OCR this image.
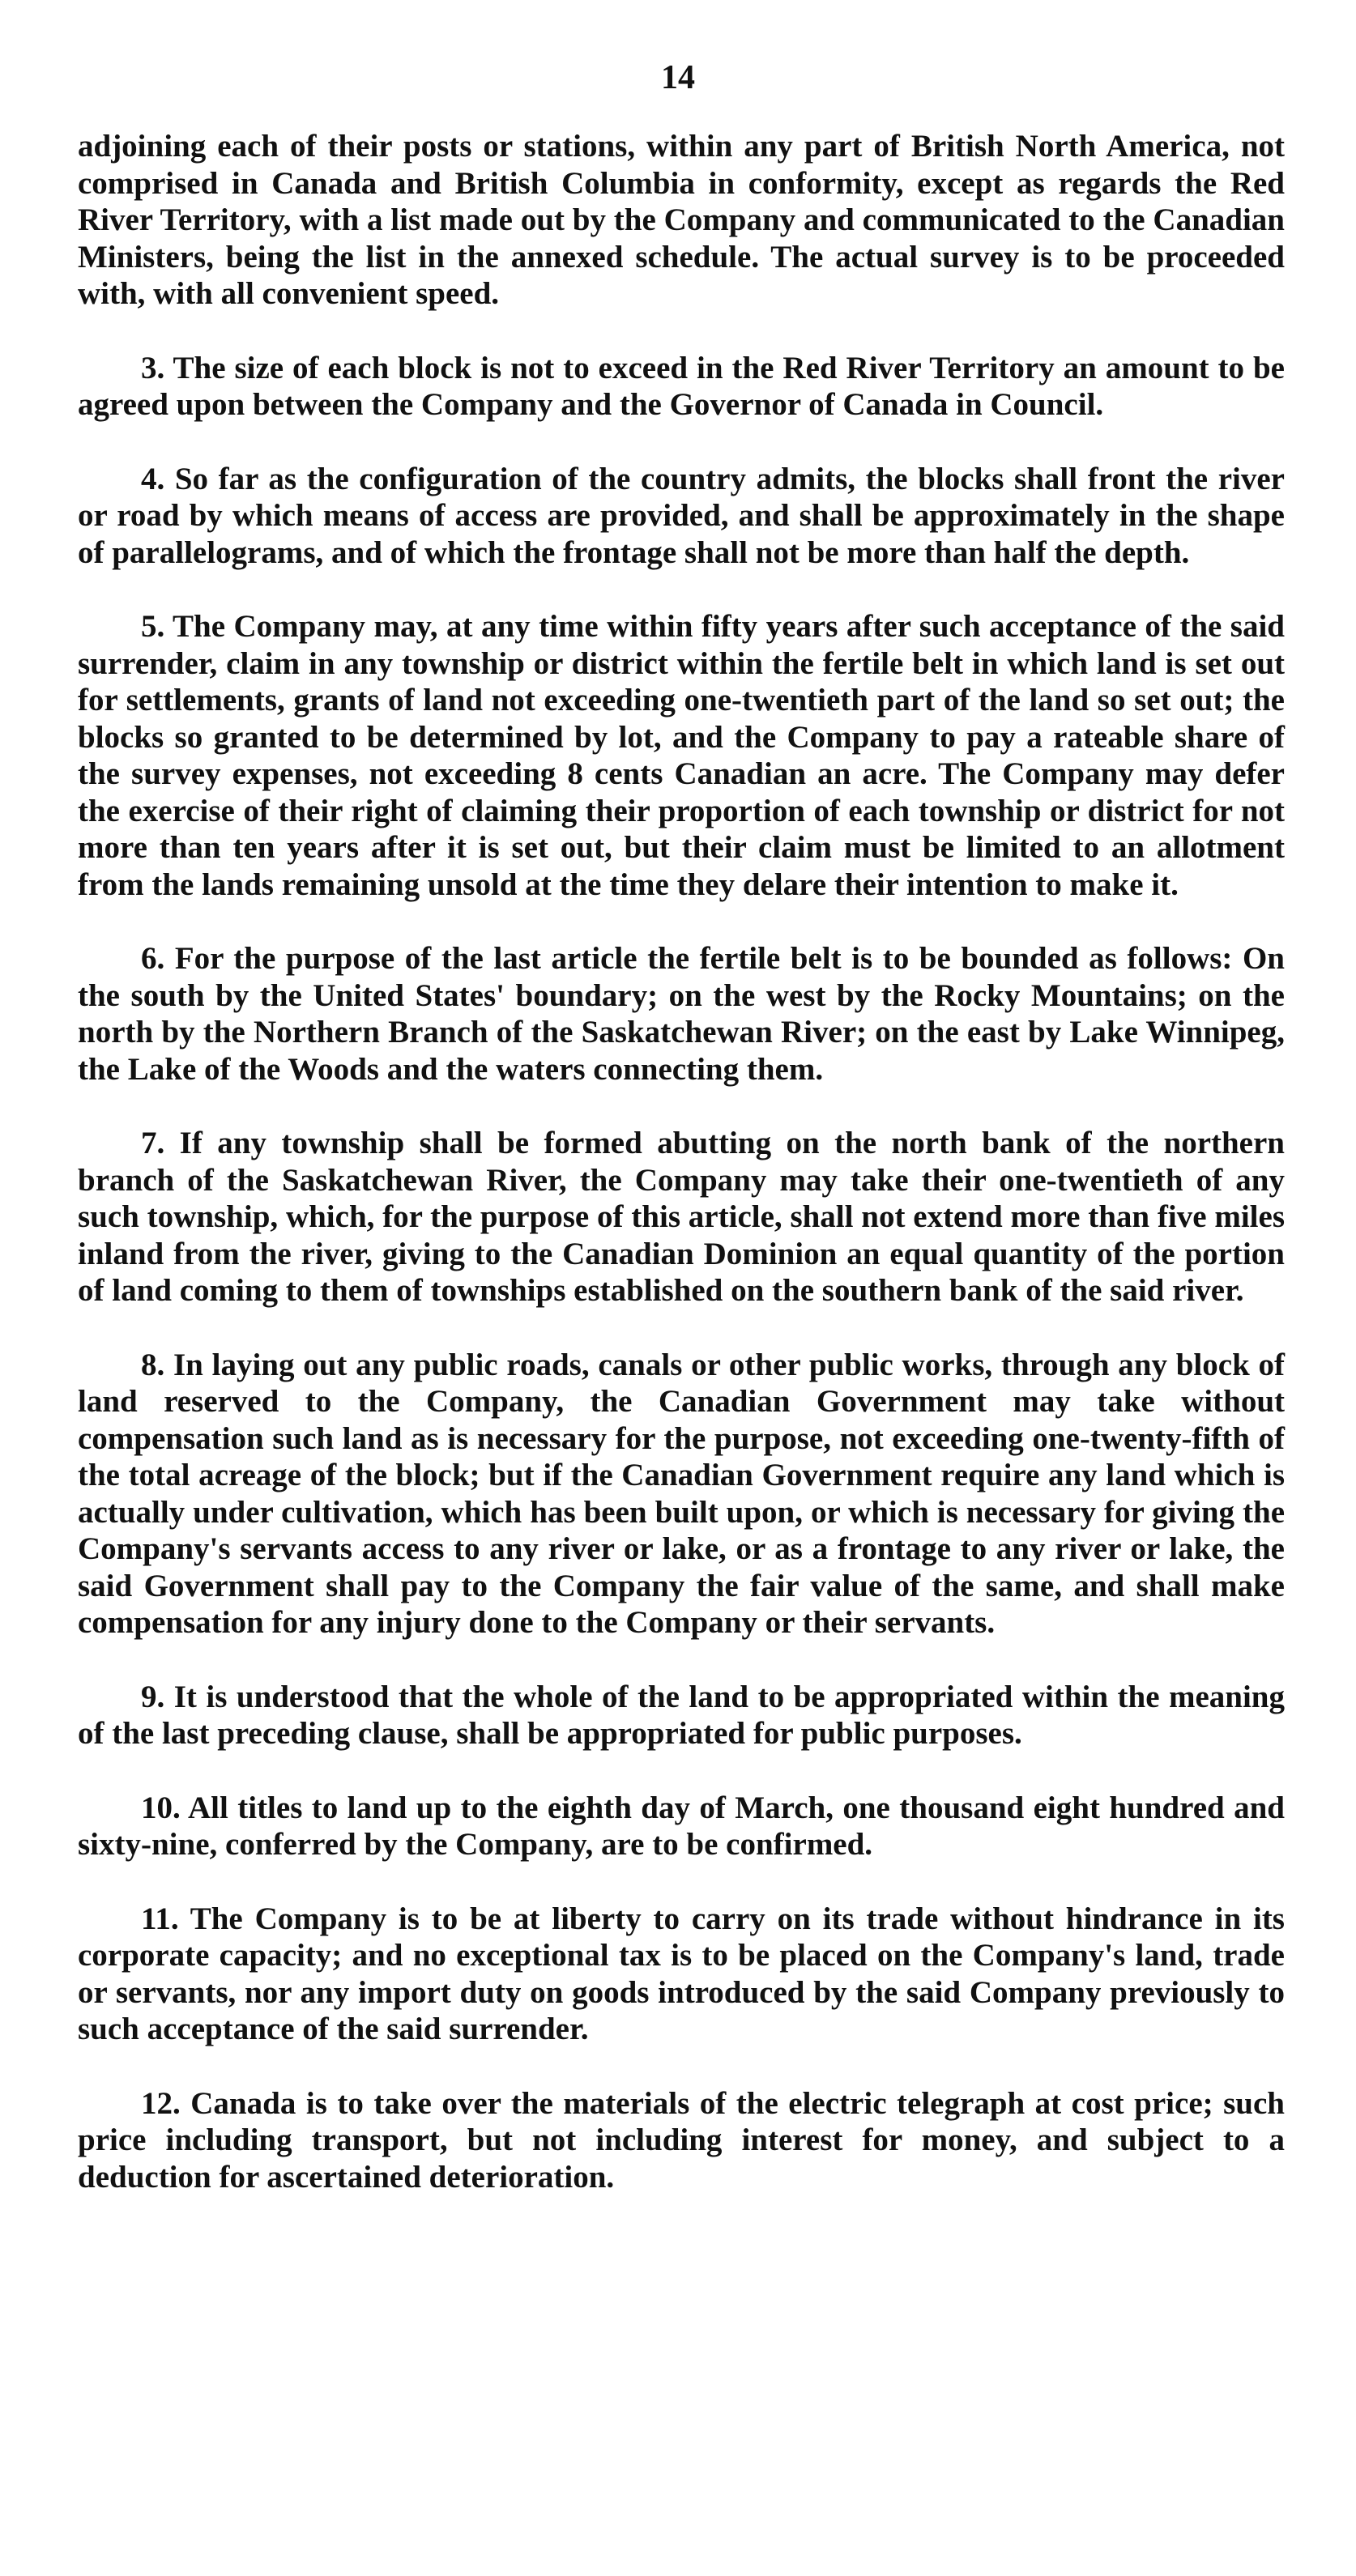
14

adjoining each of their posts or stations, within any part of British North America, not comprised in Canada and British Columbia in conformity, except as regards the Red River Territory, with a list made out by the Company and communicated to the Canadian Ministers, being the list in the annexed schedule. The actual survey is to be proceeded with, with all convenient speed.

3. The size of each block is not to exceed in the Red River Territory an amount to be agreed upon between the Company and the Governor of Canada in Council.

4. So far as the configuration of the country admits, the blocks shall front the river or road by which means of access are provided, and shall be approximately in the shape of parallelograms, and of which the frontage shall not be more than half the depth.

5. The Company may, at any time within fifty years after such acceptance of the said surrender, claim in any township or district within the fertile belt in which land is set out for settlements, grants of land not exceeding one-twentieth part of the land so set out; the blocks so granted to be determined by lot, and the Company to pay a rateable share of the survey expenses, not exceeding 8 cents Canadian an acre. The Company may defer the exercise of their right of claiming their proportion of each township or district for not more than ten years after it is set out, but their claim must be limited to an allotment from the lands remaining unsold at the time they delare their intention to make it.

6. For the purpose of the last article the fertile belt is to be bounded as follows: On the south by the United States' boundary; on the west by the Rocky Mountains; on the north by the Northern Branch of the Saskatchewan River; on the east by Lake Winnipeg, the Lake of the Woods and the waters connecting them.

7. If any township shall be formed abutting on the north bank of the northern branch of the Saskatchewan River, the Company may take their one-twentieth of any such township, which, for the purpose of this article, shall not extend more than five miles inland from the river, giving to the Canadian Dominion an equal quantity of the portion of land coming to them of townships established on the southern bank of the said river.

8. In laying out any public roads, canals or other public works, through any block of land reserved to the Company, the Canadian Government may take without compensation such land as is necessary for the purpose, not exceeding one-twenty-fifth of the total acreage of the block; but if the Canadian Government require any land which is actually under cultivation, which has been built upon, or which is necessary for giving the Company's servants access to any river or lake, or as a frontage to any river or lake, the said Government shall pay to the Company the fair value of the same, and shall make compensation for any injury done to the Company or their servants.

9. It is understood that the whole of the land to be appropriated within the meaning of the last preceding clause, shall be appropriated for public purposes.

10. All titles to land up to the eighth day of March, one thousand eight hundred and sixty-nine, conferred by the Company, are to be confirmed.

11. The Company is to be at liberty to carry on its trade without hindrance in its corporate capacity; and no exceptional tax is to be placed on the Company's land, trade or servants, nor any import duty on goods introduced by the said Company previously to such acceptance of the said surrender.

12. Canada is to take over the materials of the electric telegraph at cost price; such price including transport, but not including interest for money, and subject to a deduction for ascertained deterioration.
